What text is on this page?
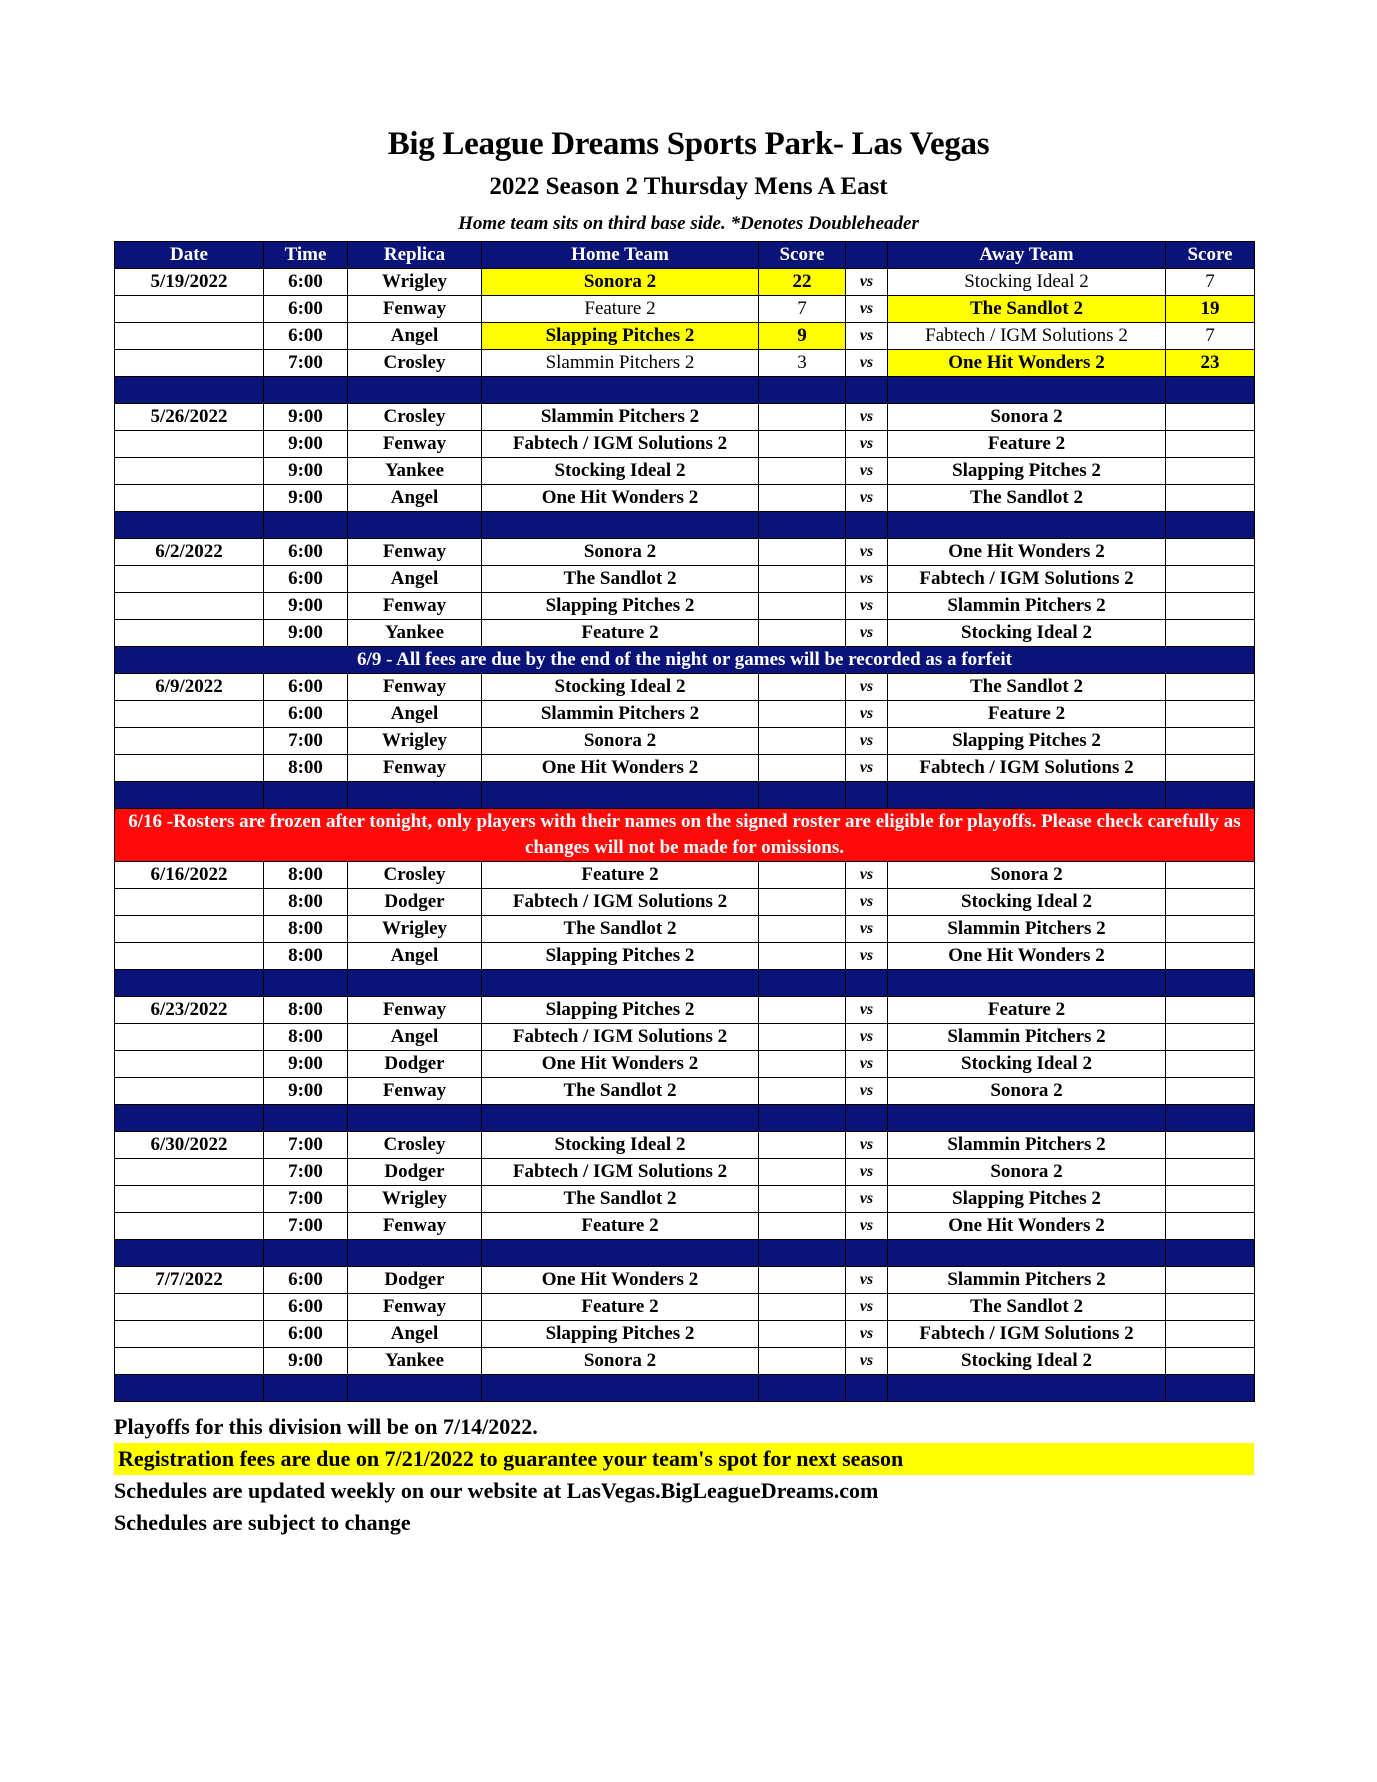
Big League Dreams Sports Park- Las Vegas
2022 Season 2 Thursday Mens A East
Home team sits on third base side. *Denotes Doubleheader
Date	Time	Replica	Home Team	Score		Away Team	Score
5/19/2022	6:00	Wrigley	Sonora 2	22	vs	Stocking Ideal 2	7
	6:00	Fenway	Feature 2	7	vs	The Sandlot 2	19
	6:00	Angel	Slapping Pitches 2	9	vs	Fabtech / IGM Solutions 2	7
	7:00	Crosley	Slammin Pitchers 2	3	vs	One Hit Wonders 2	23

5/26/2022	9:00	Crosley	Slammin Pitchers 2		vs	Sonora 2	
	9:00	Fenway	Fabtech / IGM Solutions 2		vs	Feature 2	
	9:00	Yankee	Stocking Ideal 2		vs	Slapping Pitches 2	
	9:00	Angel	One Hit Wonders 2		vs	The Sandlot 2	

6/2/2022	6:00	Fenway	Sonora 2		vs	One Hit Wonders 2	
	6:00	Angel	The Sandlot 2		vs	Fabtech / IGM Solutions 2	
	9:00	Fenway	Slapping Pitches 2		vs	Slammin Pitchers 2	
	9:00	Yankee	Feature 2		vs	Stocking Ideal 2	
6/9 - All fees are due by the end of the night or games will be recorded as a forfeit							
6/9/2022	6:00	Fenway	Stocking Ideal 2		vs	The Sandlot 2	
	6:00	Angel	Slammin Pitchers 2		vs	Feature 2	
	7:00	Wrigley	Sonora 2		vs	Slapping Pitches 2	
	8:00	Fenway	One Hit Wonders 2		vs	Fabtech / IGM Solutions 2	

6/16 -Rosters are frozen after tonight, only players with their names on the signed roster are eligible for playoffs. Please check carefully as changes will not be made for omissions.							
6/16/2022	8:00	Crosley	Feature 2		vs	Sonora 2	
	8:00	Dodger	Fabtech / IGM Solutions 2		vs	Stocking Ideal 2	
	8:00	Wrigley	The Sandlot 2		vs	Slammin Pitchers 2	
	8:00	Angel	Slapping Pitches 2		vs	One Hit Wonders 2	

6/23/2022	8:00	Fenway	Slapping Pitches 2		vs	Feature 2	
	8:00	Angel	Fabtech / IGM Solutions 2		vs	Slammin Pitchers 2	
	9:00	Dodger	One Hit Wonders 2		vs	Stocking Ideal 2	
	9:00	Fenway	The Sandlot 2		vs	Sonora 2	

6/30/2022	7:00	Crosley	Stocking Ideal 2		vs	Slammin Pitchers 2	
	7:00	Dodger	Fabtech / IGM Solutions 2		vs	Sonora 2	
	7:00	Wrigley	The Sandlot 2		vs	Slapping Pitches 2	
	7:00	Fenway	Feature 2		vs	One Hit Wonders 2	

7/7/2022	6:00	Dodger	One Hit Wonders 2		vs	Slammin Pitchers 2	
	6:00	Fenway	Feature 2		vs	The Sandlot 2	
	6:00	Angel	Slapping Pitches 2		vs	Fabtech / IGM Solutions 2	
	9:00	Yankee	Sonora 2		vs	Stocking Ideal 2	

Playoffs for this division will be on 7/14/2022.
Registration fees are due on 7/21/2022 to guarantee your team's spot for next season
Schedules are updated weekly on our website at LasVegas.BigLeagueDreams.com
Schedules are subject to change
